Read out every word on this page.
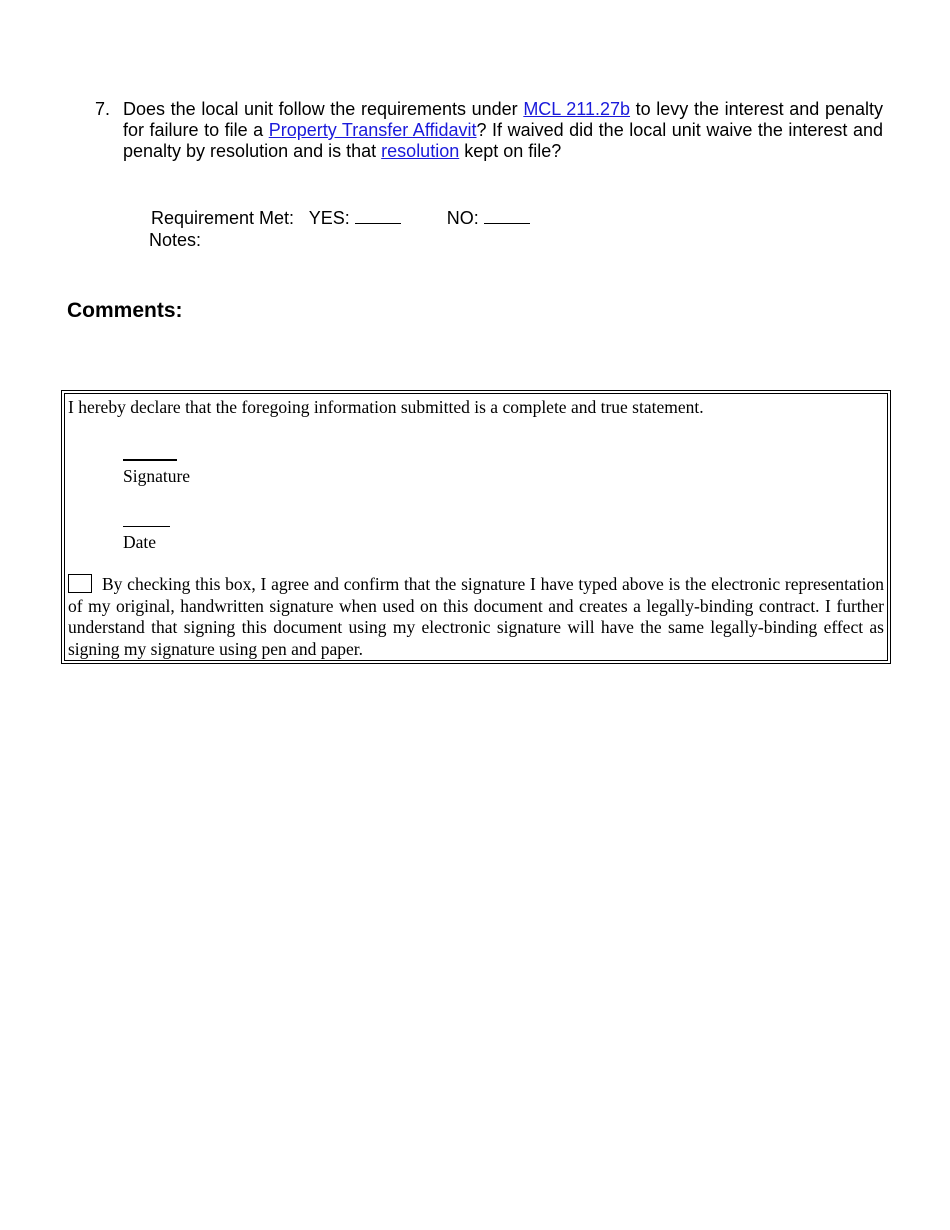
7. Does the local unit follow the requirements under MCL 211.27b to levy the interest and penalty for failure to file a Property Transfer Affidavit? If waived did the local unit waive the interest and penalty by resolution and is that resolution kept on file?
Requirement Met: YES:	NO:
Notes:
Comments:
I hereby declare that the foregoing information submitted is a complete and true statement.
Signature
Date
By checking this box, I agree and confirm that the signature I have typed above is the electronic representation of my original, handwritten signature when used on this document and creates a legally-binding contract. I further understand that signing this document using my electronic signature will have the same legally-binding effect as signing my signature using pen and paper.
